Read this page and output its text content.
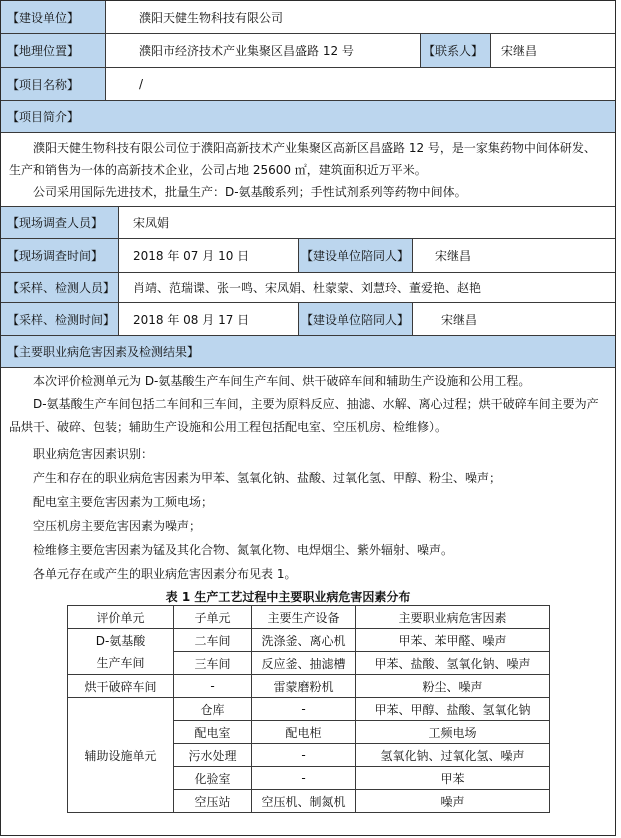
【建设单位】	濮阳天健生物科技有限公司
【地理位置】	濮阳市经济技术产业集聚区昌盛路 12 号	【联系人】	宋继昌
【项目名称】	/
【项目简介】

濮阳天健生物科技有限公司位于濮阳高新技术产业集聚区高新区昌盛路 12 号，是一家集药物中间体研发、生产和销售为一体的高新技术企业，公司占地 25600 ㎡，建筑面积近万平米。

公司采用国际先进技术，批量生产：D-氨基酸系列；手性试剂系列等药物中间体。

【现场调查人员】	宋凤娟
【现场调查时间】	2018 年 07 月 10 日	【建设单位陪同人】	宋继昌
【采样、检测人员】	肖靖、范瑞谍、张一鸣、宋凤娟、杜蒙蒙、刘慧玲、董爱艳、赵艳
【采样、检测时间】	2018 年 08 月 17 日	【建设单位陪同人】	宋继昌
【主要职业病危害因素及检测结果】

本次评价检测单元为 D-氨基酸生产车间生产车间、烘干破碎车间和辅助生产设施和公用工程。

D-氨基酸生产车间包括二车间和三车间，主要为原料反应、抽滤、水解、离心过程；烘干破碎车间主要为产品烘干、破碎、包装；辅助生产设施和公用工程包括配电室、空压机房、检维修）。

职业病危害因素识别：
产生和存在的职业病危害因素为甲苯、氢氧化钠、盐酸、过氧化氢、甲醇、粉尘、噪声；
配电室主要危害因素为工频电场；
空压机房主要危害因素为噪声；
检维修主要危害因素为锰及其化合物、氮氧化物、电焊烟尘、紫外辐射、噪声。
各单元存在或产生的职业病危害因素分布见表 1。
表 1 生产工艺过程中主要职业病危害因素分布
评价单元	子单元	主要生产设备	主要职业病危害因素

D-氨基酸
生产车间	二车间	洗涤釜、离心机	甲苯、苯甲醛、噪声
	三车间	反应釜、抽滤槽	甲苯、盐酸、氢氧化钠、噪声
烘干破碎车间	-	雷蒙磨粉机	粉尘、噪声
辅助设施单元	仓库	-	甲苯、甲醇、盐酸、氢氧化钠
	配电室	配电柜	工频电场
	污水处理	-	氢氧化钠、过氧化氢、噪声
	化验室	-	甲苯
	空压站	空压机、制氮机	噪声
